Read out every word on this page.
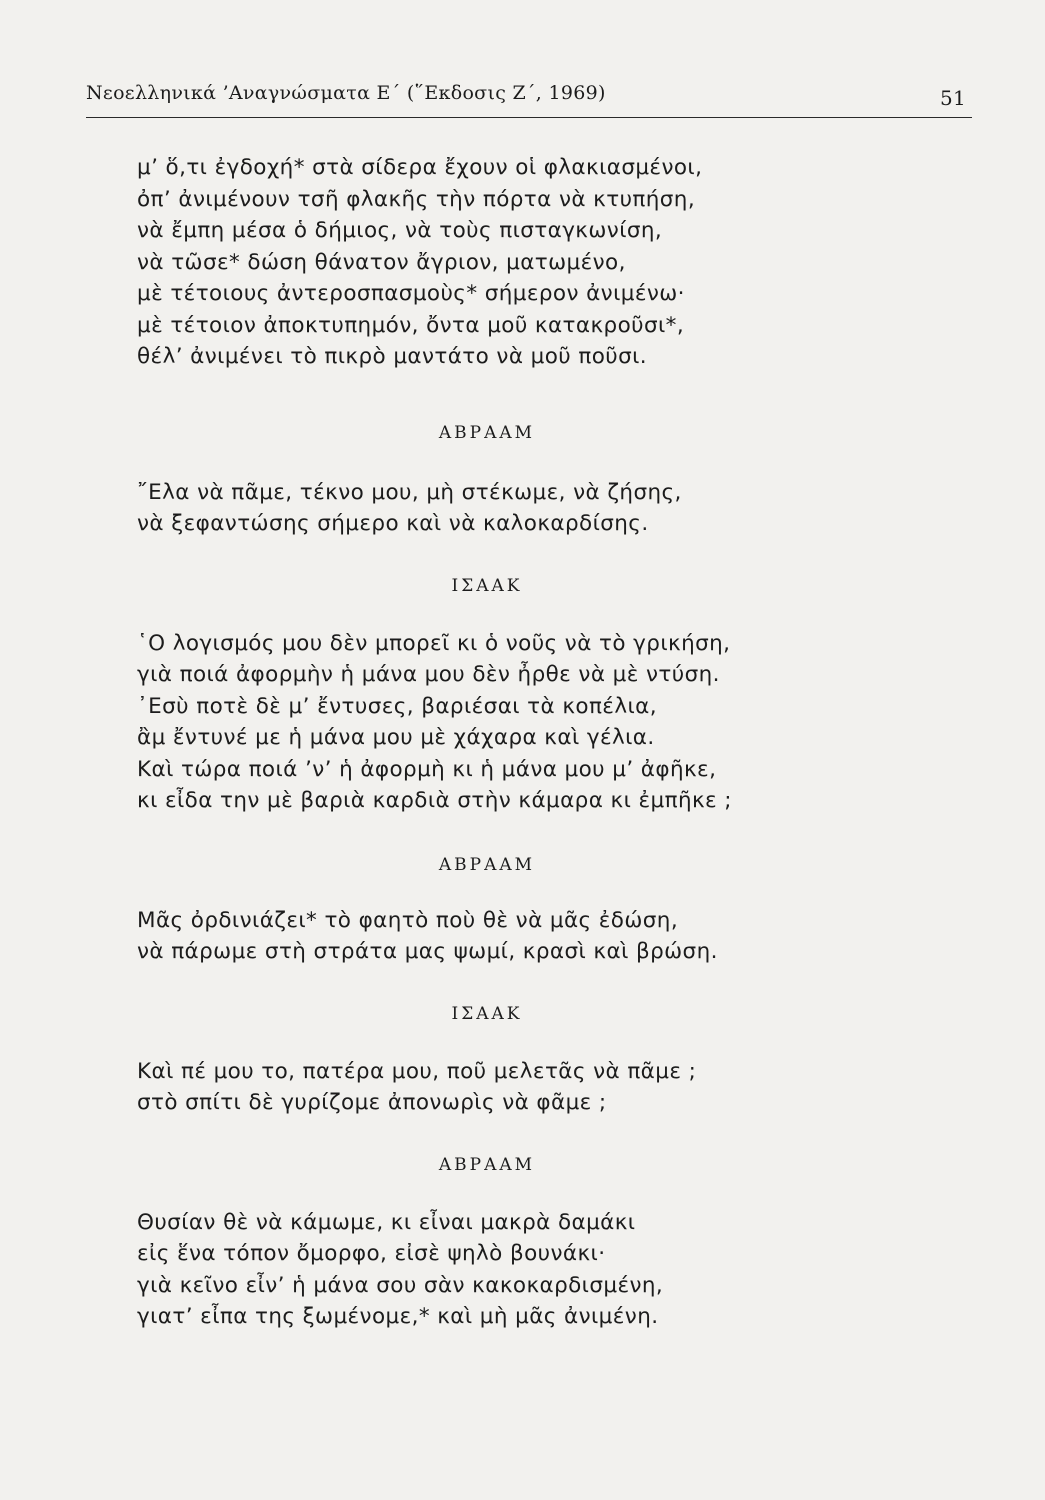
Νεοελληνικά ’Αναγνώσματα Ε΄ (῞Εκδοσις Ζ΄, 1969)	51
μ’ ὅ,τι ἐγδοχή* στὰ σίδερα ἔχουν οἱ φλακιασμένοι,
ὀπ’ ἀνιμένουν τσῆ φλακῆς τὴν πόρτα νὰ κτυπήση,
νὰ ἔμπη μέσα ὁ δήμιος, νὰ τοὺς πισταγκωνίση,
νὰ τῶσε* δώση θάνατον ἄγριον, ματωμένο,
μὲ τέτοιους ἀντεροσπασμοὺς* σήμερον ἀνιμένω·
μὲ τέτοιον ἀποκτυπημόν, ὄντα μοῦ κατακροῦσι*,
θέλ’ ἀνιμένει τὸ πικρὸ μαντάτο νὰ μοῦ ποῦσι.
ΑΒΡΑΑΜ
῎Ελα νὰ πᾶμε, τέκνο μου, μὴ στέκωμε, νὰ ζήσης,
νὰ ξεφαντώσης σήμερο καὶ νὰ καλοκαρδίσης.
ΙΣΑΑΚ
῾Ο λογισμός μου δὲν μπορεῖ κι ὁ νοῦς νὰ τὸ γρικήση,
γιὰ ποιά ἀφορμὴν ἡ μάνα μου δὲν ἦρθε νὰ μὲ ντύση.
᾿Εσὺ ποτὲ δὲ μ’ ἔντυσες, βαριέσαι τὰ κοπέλια,
ἂμ ἔντυνέ με ἡ μάνα μου μὲ χάχαρα καὶ γέλια.
Καὶ τώρα ποιά ’ν’ ἡ ἀφορμὴ κι ἡ μάνα μου μ’ ἀφῆκε,
κι εἶδα την μὲ βαριὰ καρδιὰ στὴν κάμαρα κι ἐμπῆκε ;
ΑΒΡΑΑΜ
Μᾶς ὀρδινιάζει* τὸ φαητὸ ποὺ θὲ νὰ μᾶς ἐδώση,
νὰ πάρωμε στὴ στράτα μας ψωμί, κρασὶ καὶ βρώση.
ΙΣΑΑΚ
Καὶ πέ μου το, πατέρα μου, ποῦ μελετᾶς νὰ πᾶμε ;
στὸ σπίτι δὲ γυρίζομε ἀπονωρὶς νὰ φᾶμε ;
ΑΒΡΑΑΜ
Θυσίαν θὲ νὰ κάμωμε, κι εἶναι μακρὰ δαμάκι
εἰς ἕνα τόπον ὄμορφο, εἰσὲ ψηλὸ βουνάκι·
γιὰ κεῖνο εἶν’ ἡ μάνα σου σὰν κακοκαρδισμένη,
γιατ’ εἶπα της ξωμένομε,* καὶ μὴ μᾶς ἀνιμένη.
